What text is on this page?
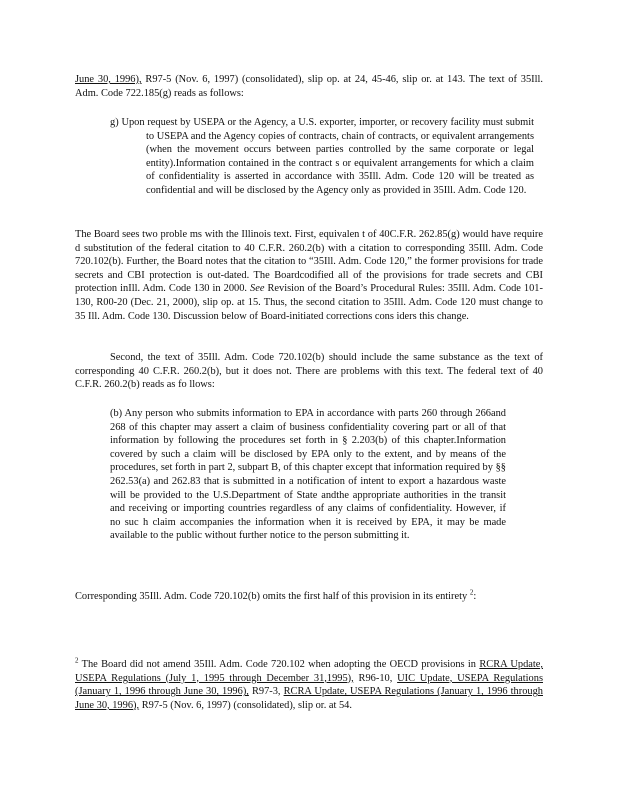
June 30, 1996), R97-5 (Nov. 6, 1997) (consolidated), slip op. at 24, 45-46, slip or. at 143. The text of 35Ill. Adm. Code 722.185(g) reads as follows:

g) Upon request by USEPA or the Agency, a U.S. exporter, importer, or recovery facility must submit to USEPA and the Agency copies of contracts, chain of contracts, or equivalent arrangements (when the movement occurs between parties controlled by the same corporate or legal entity).Information contained in the contract s or equivalent arrangements for which a claim of confidentiality is asserted in accordance with 35Ill. Adm. Code 120 will be treated as confidential and will be disclosed by the Agency only as provided in 35Ill. Adm. Code 120.

The Board sees two proble ms with the Illinois text. First, equivalen t of 40C.F.R. 262.85(g) would have require d substitution of the federal citation to 40 C.F.R. 260.2(b) with a citation to corresponding 35Ill. Adm. Code 720.102(b). Further, the Board notes that the citation to “35Ill. Adm. Code 120,” the former provisions for trade secrets and CBI protection is out-dated. The Boardcodified all of the provisions for trade secrets and CBI protection inIll. Adm. Code 130 in 2000. See Revision of the Board’s Procedural Rules: 35Ill. Adm. Code 101-130, R00-20 (Dec. 21, 2000), slip op. at 15. Thus, the second citation to 35Ill. Adm. Code 120 must change to 35 Ill. Adm. Code 130. Discussion below of Board-initiated corrections cons iders this change.

Second, the text of 35Ill. Adm. Code 720.102(b) should include the same substance as the text of corresponding 40 C.F.R. 260.2(b), but it does not. There are problems with this text. The federal text of 40 C.F.R. 260.2(b) reads as fo llows:

(b) Any person who submits information to EPA in accordance with parts 260 through 266and 268 of this chapter may assert a claim of business confidentiality covering part or all of that information by following the procedures set forth in § 2.203(b) of this chapter.Information covered by such a claim will be disclosed by EPA only to the extent, and by means of the procedures, set forth in part 2, subpart B, of this chapter except that information required by §§ 262.53(a) and 262.83 that is submitted in a notification of intent to export a hazardous waste will be provided to the U.S.Department of State andthe appropriate authorities in the transit and receiving or importing countries regardless of any claims of confidentiality. However, if no suc h claim accompanies the information when it is received by EPA, it may be made available to the public without further notice to the person submitting it.

Corresponding 35Ill. Adm. Code 720.102(b) omits the first half of this provision in its entirety $^2$:

$^2$ The Board did not amend 35Ill. Adm. Code 720.102 when adopting the OECD provisions in RCRA Update, USEPA Regulations (July 1, 1995 through December 31,1995), R96-10, UIC Update, USEPA Regulations (January 1, 1996 through June 30, 1996), R97-3, RCRA Update, USEPA Regulations (January 1, 1996 through June 30, 1996), R97-5 (Nov. 6, 1997) (consolidated), slip or. at 54.
